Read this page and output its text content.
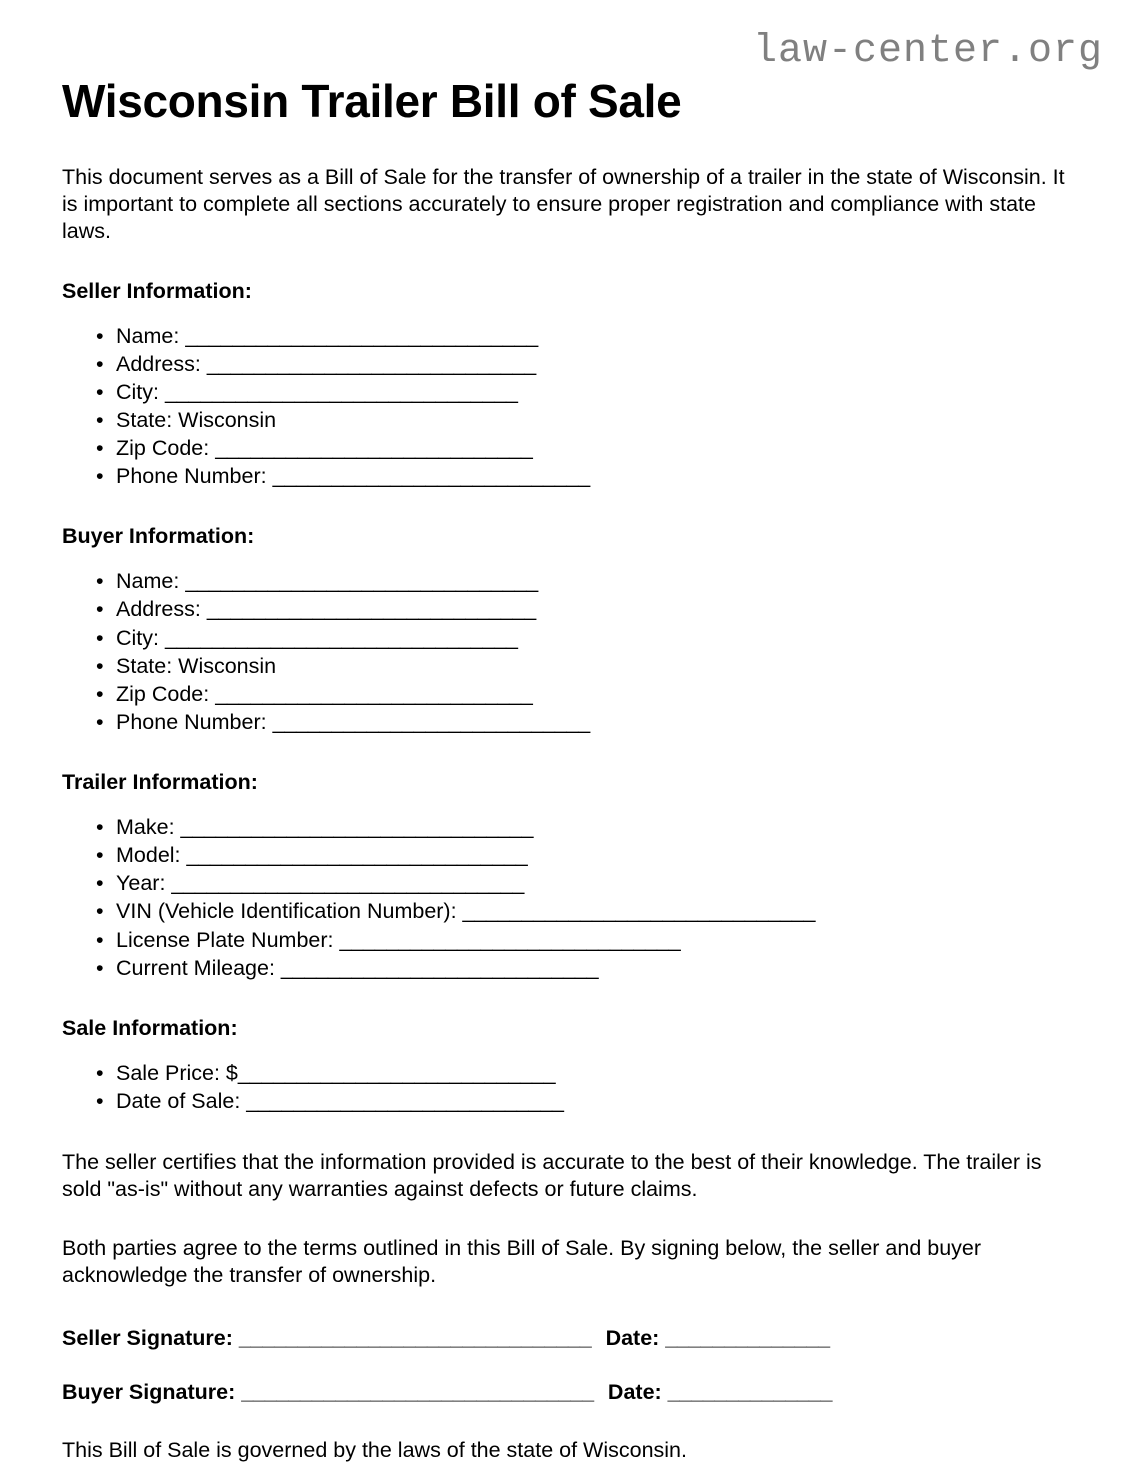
law-center.org
Wisconsin Trailer Bill of Sale

This document serves as a Bill of Sale for the transfer of ownership of a trailer in the state of Wisconsin. It is important to complete all sections accurately to ensure proper registration and compliance with state laws.

Seller Information:
• Name: ______________________________
• Address: ____________________________
• City: ______________________________
• State: Wisconsin
• Zip Code: ___________________________
• Phone Number: ___________________________
Buyer Information:
• Name: ______________________________
• Address: ____________________________
• City: ______________________________
• State: Wisconsin
• Zip Code: ___________________________
• Phone Number: ___________________________
Trailer Information:
• Make: ______________________________
• Model: _____________________________
• Year: ______________________________
• VIN (Vehicle Identification Number): ______________________________
• License Plate Number: _____________________________
• Current Mileage: ___________________________
Sale Information:
• Sale Price: $___________________________
• Date of Sale: ___________________________

The seller certifies that the information provided is accurate to the best of their knowledge. The trailer is sold "as-is" without any warranties against defects or future claims.

Both parties agree to the terms outlined in this Bill of Sale. By signing below, the seller and buyer acknowledge the transfer of ownership.

Seller Signature: ______________________________ Date: ______________
Buyer Signature: ______________________________ Date: ______________

This Bill of Sale is governed by the laws of the state of Wisconsin.
